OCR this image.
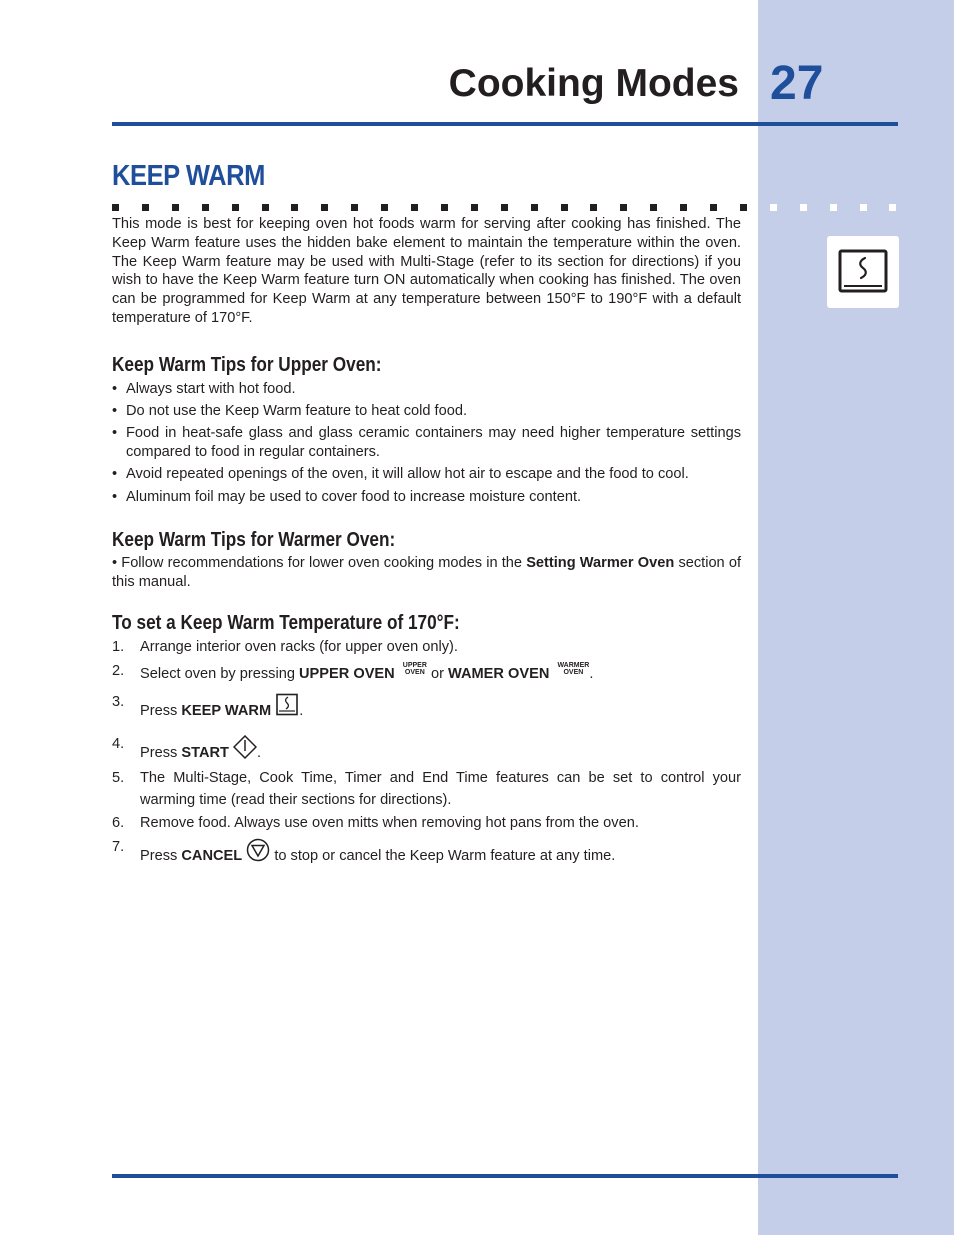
Cooking Modes 27
KEEP WARM

This mode is best for keeping oven hot foods warm for serving after cooking has finished. The Keep Warm feature uses the hidden bake element to maintain the temperature within the oven. The Keep Warm feature may be used with Multi-Stage (refer to its section for directions) if you wish to have the Keep Warm feature turn ON automatically when cooking has finished. The oven can be programmed for Keep Warm at any temperature between 150°F to 190°F with a default temperature of 170°F.

Keep Warm Tips for Upper Oven:
• Always start with hot food.
• Do not use the Keep Warm feature to heat cold food.
• Food in heat-safe glass and glass ceramic containers may need higher temperature settings compared to food in regular containers.
• Avoid repeated openings of the oven, it will allow hot air to escape and the food to cool.
• Aluminum foil may be used to cover food to increase moisture content.
Keep Warm Tips for Warmer Oven:

• Follow recommendations for lower oven cooking modes in the Setting Warmer Oven section of this manual.

To set a Keep Warm Temperature of 170°F:
1. Arrange interior oven racks (for upper oven only).
2. Select oven by pressing UPPER OVEN UPPER
OVEN or WAMER OVEN WARMER
OVEN .
3.
Press KEEP WARM .
4.
Press START .
5. The Multi-Stage, Cook Time, Timer and End Time features can be set to control your warming time (read their sections for directions).
6. Remove food. Always use oven mitts when removing hot pans from the oven.
7.
Press CANCEL to stop or cancel the Keep Warm feature at any time.
